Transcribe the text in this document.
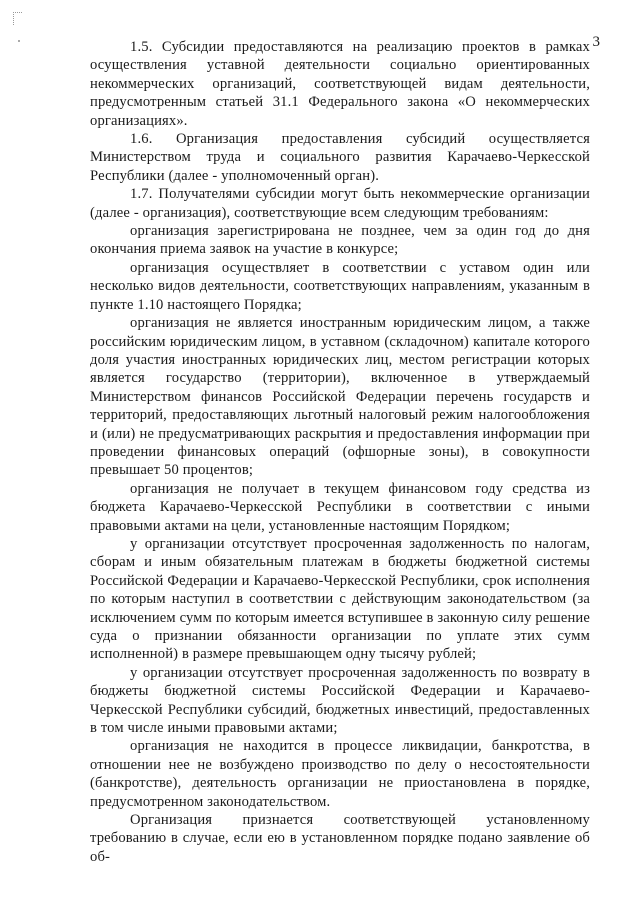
3

1.5. Субсидии предоставляются на реализацию проектов в рамках осуществления уставной деятельности социально ориентированных некоммерческих организаций, соответствующей видам деятельности, предусмотренным статьей 31.1 Федерального закона «О некоммерческих организациях».

1.6. Организация предоставления субсидий осуществляется Министерством труда и социального развития Карачаево-Черкесской Республики (далее - уполномоченный орган).

1.7. Получателями субсидии могут быть некоммерческие организации (далее - организация), соответствующие всем следующим требованиям:

организация зарегистрирована не позднее, чем за один год до дня окончания приема заявок на участие в конкурсе;

организация осуществляет в соответствии с уставом один или несколько видов деятельности, соответствующих направлениям, указанным в пункте 1.10 настоящего Порядка;

организация не является иностранным юридическим лицом, а также российским юридическим лицом, в уставном (складочном) капитале которого доля участия иностранных юридических лиц, местом регистрации которых является государство (территории), включенное в утверждаемый Министерством финансов Российской Федерации перечень государств и территорий, предоставляющих льготный налоговый режим налогообложения и (или) не предусматривающих раскрытия и предоставления информации при проведении финансовых операций (офшорные зоны), в совокупности превышает 50 процентов;

организация не получает в текущем финансовом году средства из бюджета Карачаево-Черкесской Республики в соответствии с иными правовыми актами на цели, установленные настоящим Порядком;

у организации отсутствует просроченная задолженность по налогам, сборам и иным обязательным платежам в бюджеты бюджетной системы Российской Федерации и Карачаево-Черкесской Республики, срок исполнения по которым наступил в соответствии с действующим законодательством (за исключением сумм по которым имеется вступившее в законную силу решение суда о признании обязанности организации по уплате этих сумм исполненной) в размере превышающем одну тысячу рублей;

у организации отсутствует просроченная задолженность по возврату в бюджеты бюджетной системы Российской Федерации и Карачаево-Черкесской Республики субсидий, бюджетных инвестиций, предоставленных в том числе иными правовыми актами;

организация не находится в процессе ликвидации, банкротства, в отношении нее не возбуждено производство по делу о несостоятельности (банкротстве), деятельность организации не приостановлена в порядке, предусмотренном законодательством.

Организация признается соответствующей установленному требованию в случае, если ею в установленном порядке подано заявление об об-
